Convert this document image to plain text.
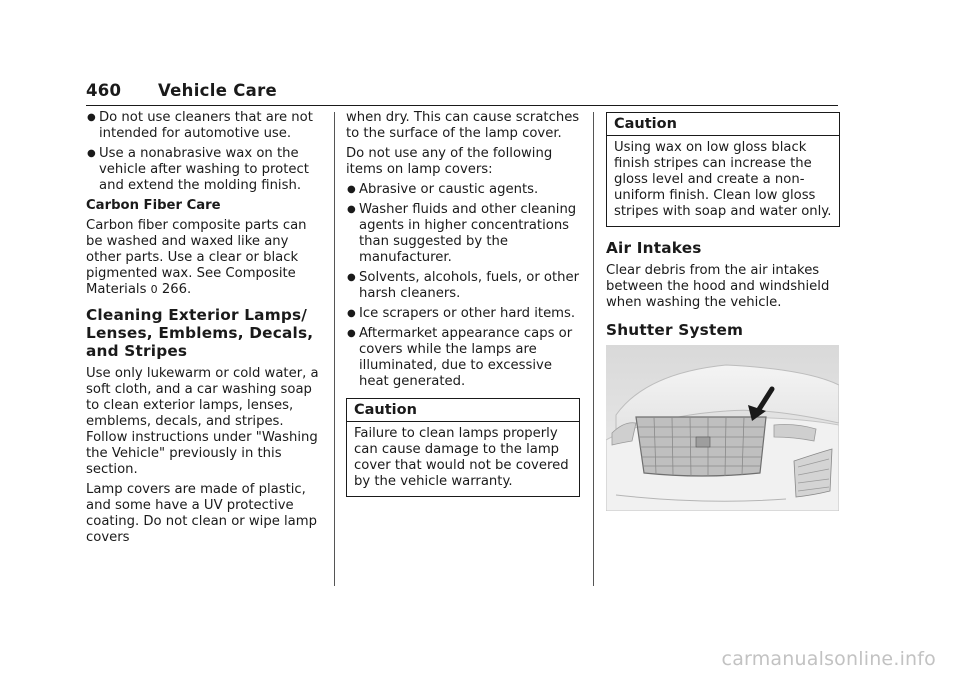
460 Vehicle Care
● Do not use cleaners that are not intended for automotive use.
● Use a nonabrasive wax on the vehicle after washing to protect and extend the molding finish.

Carbon Fiber Care

Carbon fiber composite parts can be washed and waxed like any other parts. Use a clear or black pigmented wax. See Composite Materials 0 266.

Cleaning Exterior Lamps/ Lenses, Emblems, Decals, and Stripes

Use only lukewarm or cold water, a soft cloth, and a car washing soap to clean exterior lamps, lenses, emblems, decals, and stripes. Follow instructions under "Washing the Vehicle" previously in this section.

Lamp covers are made of plastic, and some have a UV protective coating. Do not clean or wipe lamp covers

when dry. This can cause scratches to the surface of the lamp cover.

Do not use any of the following items on lamp covers:

● Abrasive or caustic agents.
● Washer fluids and other cleaning agents in higher concentrations than suggested by the manufacturer.
● Solvents, alcohols, fuels, or other harsh cleaners.
● Ice scrapers or other hard items.
● Aftermarket appearance caps or covers while the lamps are illuminated, due to excessive heat generated.
Caution
Failure to clean lamps properly can cause damage to the lamp cover that would not be covered by the vehicle warranty.
Caution
Using wax on low gloss black finish stripes can increase the gloss level and create a non-uniform finish. Clean low gloss stripes with soap and water only.
Air Intakes

Clear debris from the air intakes between the hood and windshield when washing the vehicle.

Shutter System
carmanualsonline.info
